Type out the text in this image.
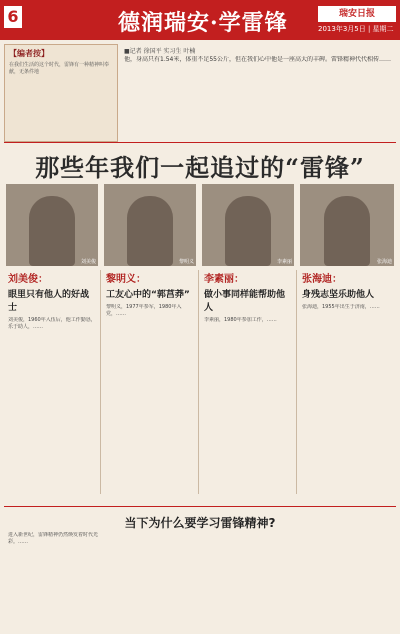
6	德润瑞安·学雷锋	瑞安日报
2013年3月5日 | 星期二
【编者按】
在我们生活的这个时代，雷锋有一种精神叫奉献，无条件地
■记者 徐国平 实习生 叶楠
他，身高只有1.54米，体重不足55公斤，但在我们心中他是一座高大的丰碑。雷锋精神代代相传……
那些年我们一起追过的“雷锋”
刘美俊	黎明义	李素丽	张海迪
刘美俊：
眼里只有他人的好战士
刘美俊，1960年入伍后，他工作勤恳，乐于助人，……
黎明义：
工友心中的“郭莒莽”
黎明义，1977年参军，1980年入党，……
李素丽：
做小事同样能帮助他人
李素丽，1980年参加工作，……
张海迪：
身残志坚乐助他人
张海迪，1955年出生于济南，……
当下为什么要学习雷锋精神?
进入新世纪，雷锋精神仍然焕发着时代光彩。……
